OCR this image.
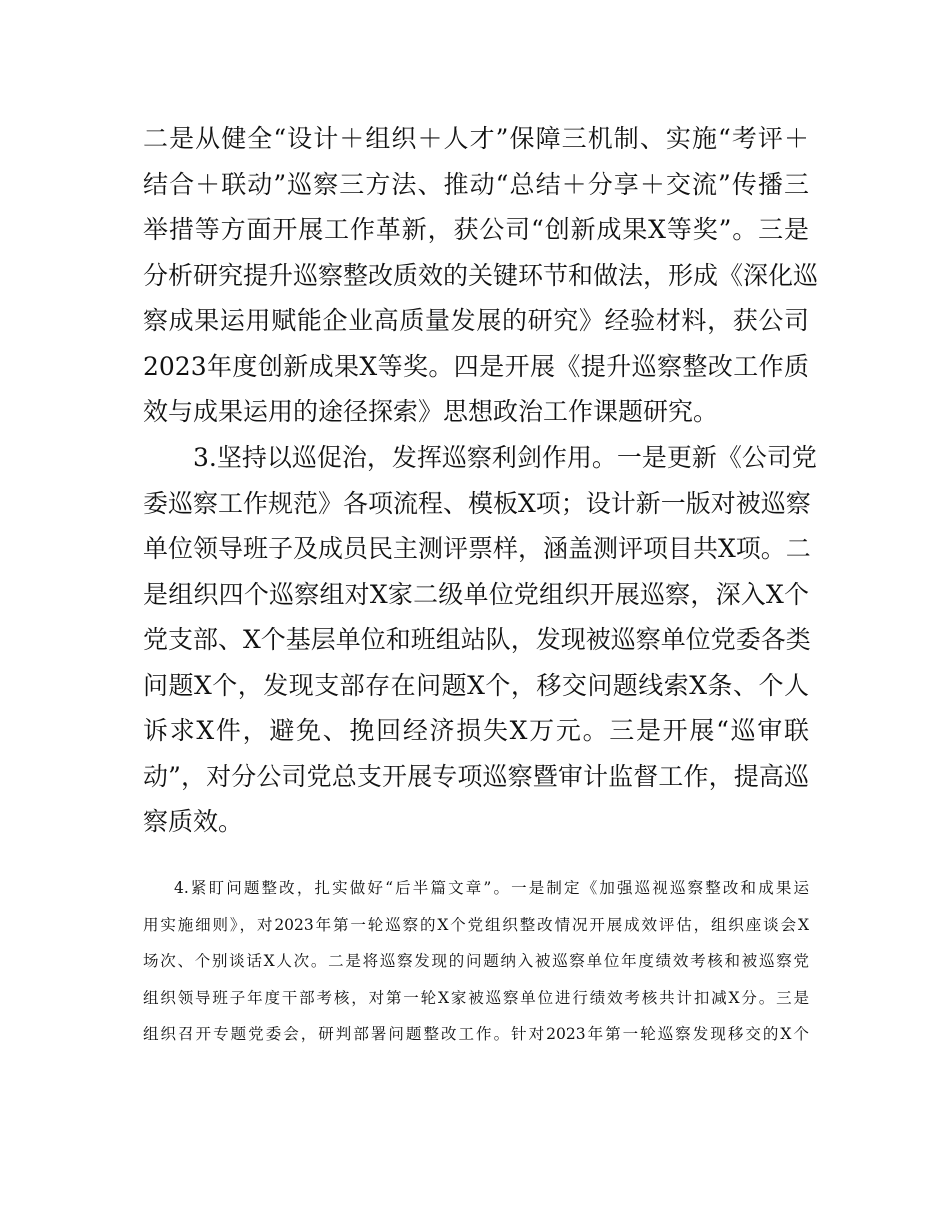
二是从健全“设计＋组织＋人才”保障三机制、实施“考评＋
结合＋联动”巡察三方法、推动“总结＋分享＋交流”传播三
举措等方面开展工作革新，获公司“创新成果X等奖”。三是
分析研究提升巡察整改质效的关键环节和做法，形成《深化巡
察成果运用赋能企业高质量发展的研究》经验材料，获公司
2023年度创新成果X等奖。四是开展《提升巡察整改工作质
效与成果运用的途径探索》思想政治工作课题研究。

3.坚持以巡促治，发挥巡察利剑作用。一是更新《公司党
委巡察工作规范》各项流程、模板X项；设计新一版对被巡察
单位领导班子及成员民主测评票样，涵盖测评项目共X项。二
是组织四个巡察组对X家二级单位党组织开展巡察，深入X个
党支部、X个基层单位和班组站队，发现被巡察单位党委各类
问题X个，发现支部存在问题X个，移交问题线索X条、个人
诉求X件，避免、挽回经济损失X万元。三是开展“巡审联
动”，对分公司党总支开展专项巡察暨审计监督工作，提高巡
察质效。

4.紧盯问题整改，扎实做好“后半篇文章”。一是制定《加强巡视巡察整改和成果运
用实施细则》，对2023年第一轮巡察的X个党组织整改情况开展成效评估，组织座谈会X
场次、个别谈话X人次。二是将巡察发现的问题纳入被巡察单位年度绩效考核和被巡察党
组织领导班子年度干部考核，对第一轮X家被巡察单位进行绩效考核共计扣减X分。三是
组织召开专题党委会，研判部署问题整改工作。针对2023年第一轮巡察发现移交的X个
